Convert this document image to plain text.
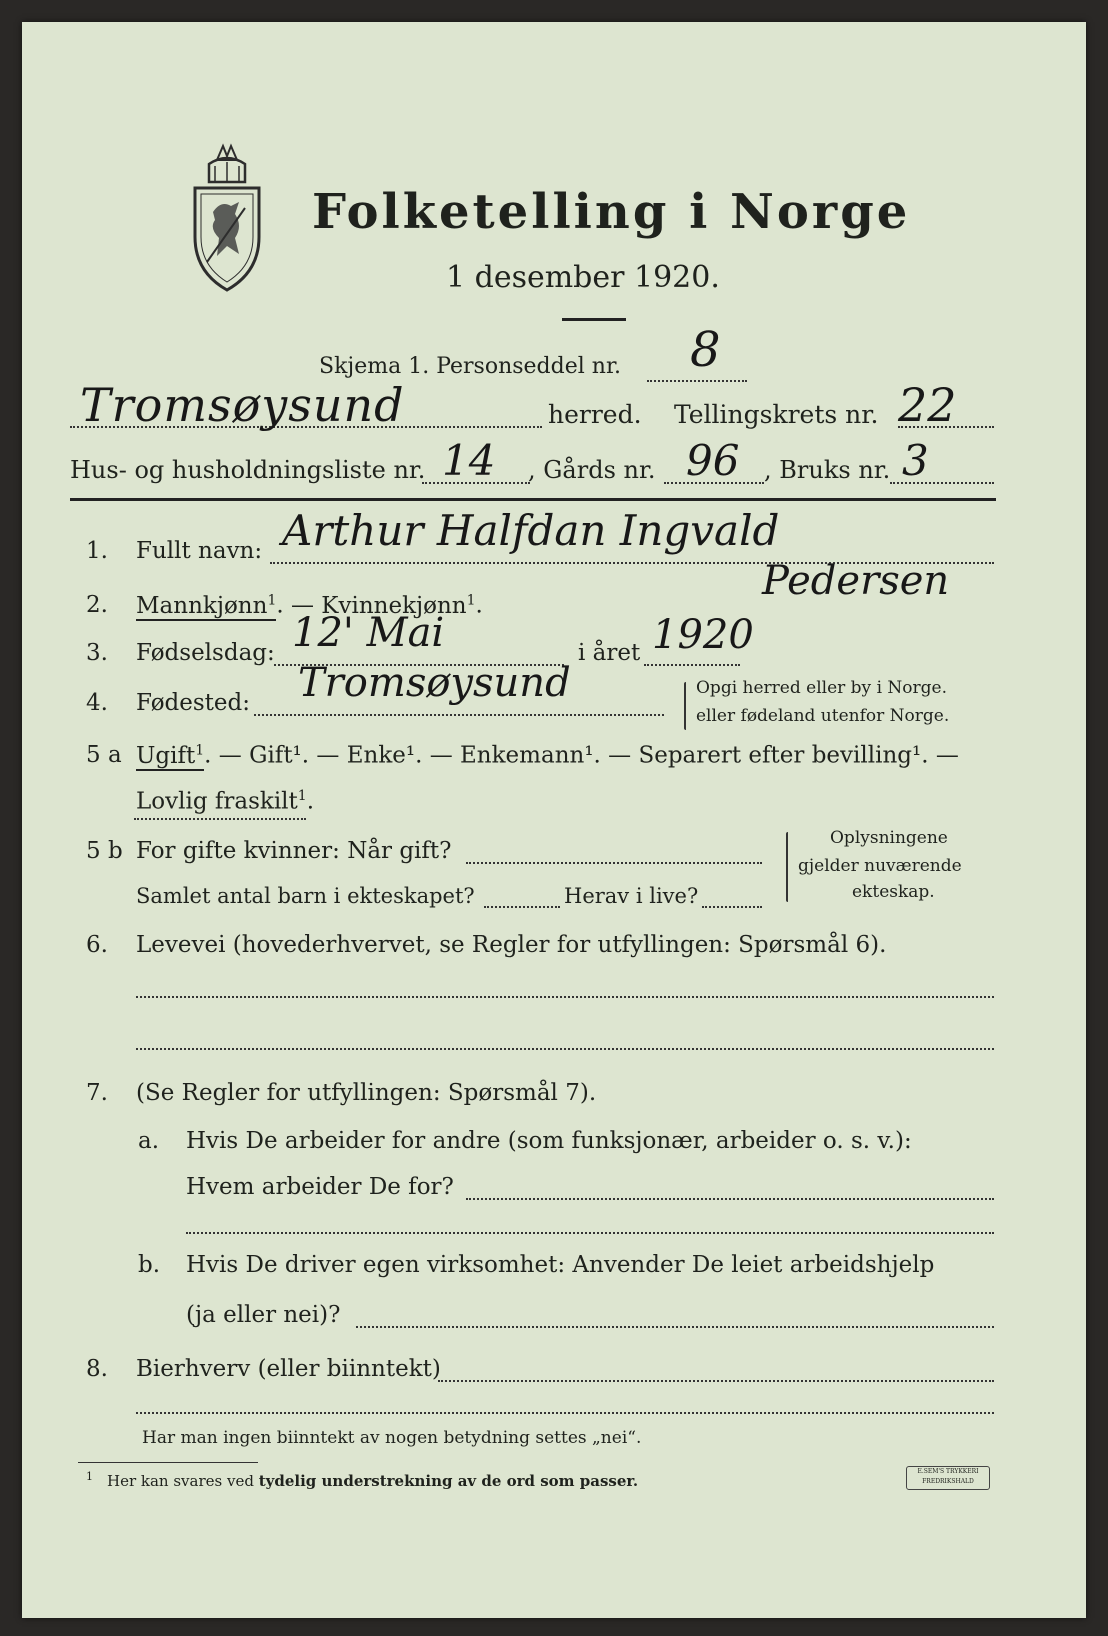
Folketelling i Norge
1 desember 1920.
Skjema 1. Personseddel nr. 8
Tromsøysund	herred. Tellingskrets nr. 22
Hus- og husholdningsliste nr. 14 , Gårds nr. 96 , Bruks nr. 3
1. Fullt navn: Arthur Halfdan Ingvald
Pedersen
2. Mannkjønn$^1$. — Kvinnekjønn$^1$.
3. Fødselsdag: 12' Mai	i året 1920
4. Fødested: Tromsøysund	Opgi herred eller by i Norge.
eller fødeland utenfor Norge.
5 a Ugift$^1$. — Gift¹. — Enke¹. — Enkemann¹. — Separert efter bevilling¹. —
Lovlig fraskilt$^1$.
5 b For gifte kvinner: Når gift?
Samlet antal barn i ekteskapet?	Herav i live?
Oplysningene
gjelder nuværende
ekteskap.
6. Levevei (hovederhvervet, se Regler for utfyllingen: Spørsmål 6).
7. (Se Regler for utfyllingen: Spørsmål 7).
a. Hvis De arbeider for andre (som funksjonær, arbeider o. s. v.):
Hvem arbeider De for?
b. Hvis De driver egen virksomhet: Anvender De leiet arbeidshjelp
(ja eller nei)?
8. Bierhverv (eller biinntekt)
Har man ingen biinntekt av nogen betydning settes „nei“.
$^1$ Her kan svares ved tydelig understrekning av de ord som passer.
E.SEM'S TRYKKERI
FREDRIKSHALD
